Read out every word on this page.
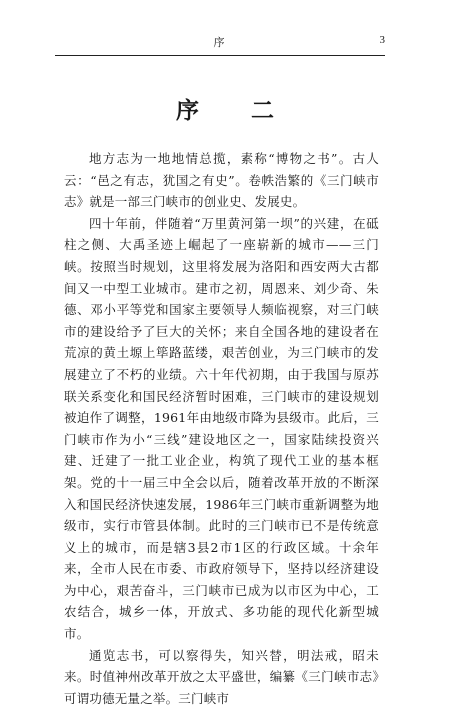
序	3
序 二

地方志为一地地情总揽，素称“博物之书”。古人云：“邑之有志，犹国之有史”。卷帙浩繁的《三门峡市志》就是一部三门峡市的创业史、发展史。

四十年前，伴随着“万里黄河第一坝”的兴建，在砥柱之侧、大禹圣迹上崛起了一座崭新的城市——三门峡。按照当时规划，这里将发展为洛阳和西安两大古都间又一中型工业城市。建市之初，周恩来、刘少奇、朱德、邓小平等党和国家主要领导人频临视察，对三门峡市的建设给予了巨大的关怀；来自全国各地的建设者在荒凉的黄土塬上筚路蓝缕，艰苦创业，为三门峡市的发展建立了不朽的业绩。六十年代初期，由于我国与原苏联关系变化和国民经济暂时困难，三门峡市的建设规划被迫作了调整，1961年由地级市降为县级市。此后，三门峡市作为小“三线”建设地区之一，国家陆续投资兴建、迁建了一批工业企业，构筑了现代工业的基本框架。党的十一届三中全会以后，随着改革开放的不断深入和国民经济快速发展，1986年三门峡市重新调整为地级市，实行市管县体制。此时的三门峡市已不是传统意义上的城市，而是辖3县2市1区的行政区域。十余年来，全市人民在市委、市政府领导下，坚持以经济建设为中心，艰苦奋斗，三门峡市已成为以市区为中心，工农结合，城乡一体，开放式、多功能的现代化新型城市。

通览志书，可以察得失，知兴替，明法戒，昭未来。时值神州改革开放之太平盛世，编纂《三门峡市志》可谓功德无量之举。三门峡市
